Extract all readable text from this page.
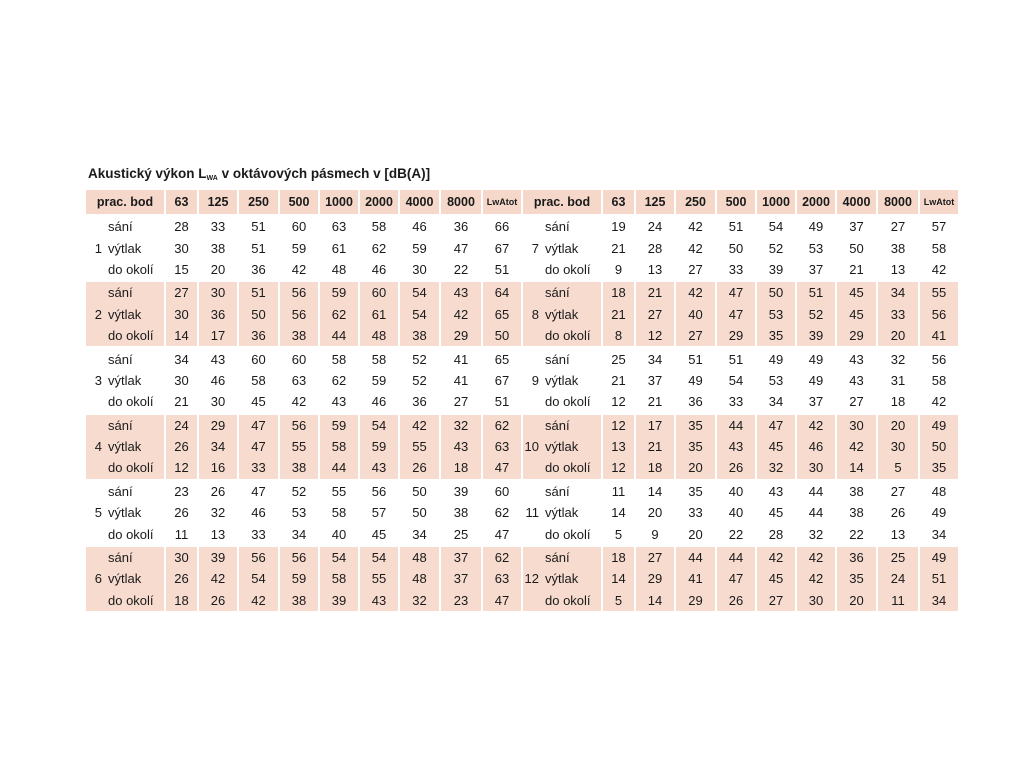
Akustický výkon $L_{WA}$ v oktávových pásmech v [dB(A)]
prac. bod		63	125	250	500	1000	2000	4000	8000	LwAtot
	sání	28	33	51	60	63	58	46	36	66
1	výtlak	30	38	51	59	61	62	59	47	67
	do okolí	15	20	36	42	48	46	30	22	51
	sání	27	30	51	56	59	60	54	43	64
2	výtlak	30	36	50	56	62	61	54	42	65
	do okolí	14	17	36	38	44	48	38	29	50
	sání	34	43	60	60	58	58	52	41	65
3	výtlak	30	46	58	63	62	59	52	41	67
	do okolí	21	30	45	42	43	46	36	27	51
	sání	24	29	47	56	59	54	42	32	62
4	výtlak	26	34	47	55	58	59	55	43	63
	do okolí	12	16	33	38	44	43	26	18	47
	sání	23	26	47	52	55	56	50	39	60
5	výtlak	26	32	46	53	58	57	50	38	62
	do okolí	11	13	33	34	40	45	34	25	47
	sání	30	39	56	56	54	54	48	37	62
6	výtlak	26	42	54	59	58	55	48	37	63
	do okolí	18	26	42	38	39	43	32	23	47
prac. bod		63	125	250	500	1000	2000	4000	8000	LwAtot
	sání	19	24	42	51	54	49	37	27	57
7	výtlak	21	28	42	50	52	53	50	38	58
	do okolí	9	13	27	33	39	37	21	13	42
	sání	18	21	42	47	50	51	45	34	55
8	výtlak	21	27	40	47	53	52	45	33	56
	do okolí	8	12	27	29	35	39	29	20	41
	sání	25	34	51	51	49	49	43	32	56
9	výtlak	21	37	49	54	53	49	43	31	58
	do okolí	12	21	36	33	34	37	27	18	42
	sání	12	17	35	44	47	42	30	20	49
10	výtlak	13	21	35	43	45	46	42	30	50
	do okolí	12	18	20	26	32	30	14	5	35
	sání	11	14	35	40	43	44	38	27	48
11	výtlak	14	20	33	40	45	44	38	26	49
	do okolí	5	9	20	22	28	32	22	13	34
	sání	18	27	44	44	42	42	36	25	49
12	výtlak	14	29	41	47	45	42	35	24	51
	do okolí	5	14	29	26	27	30	20	11	34
